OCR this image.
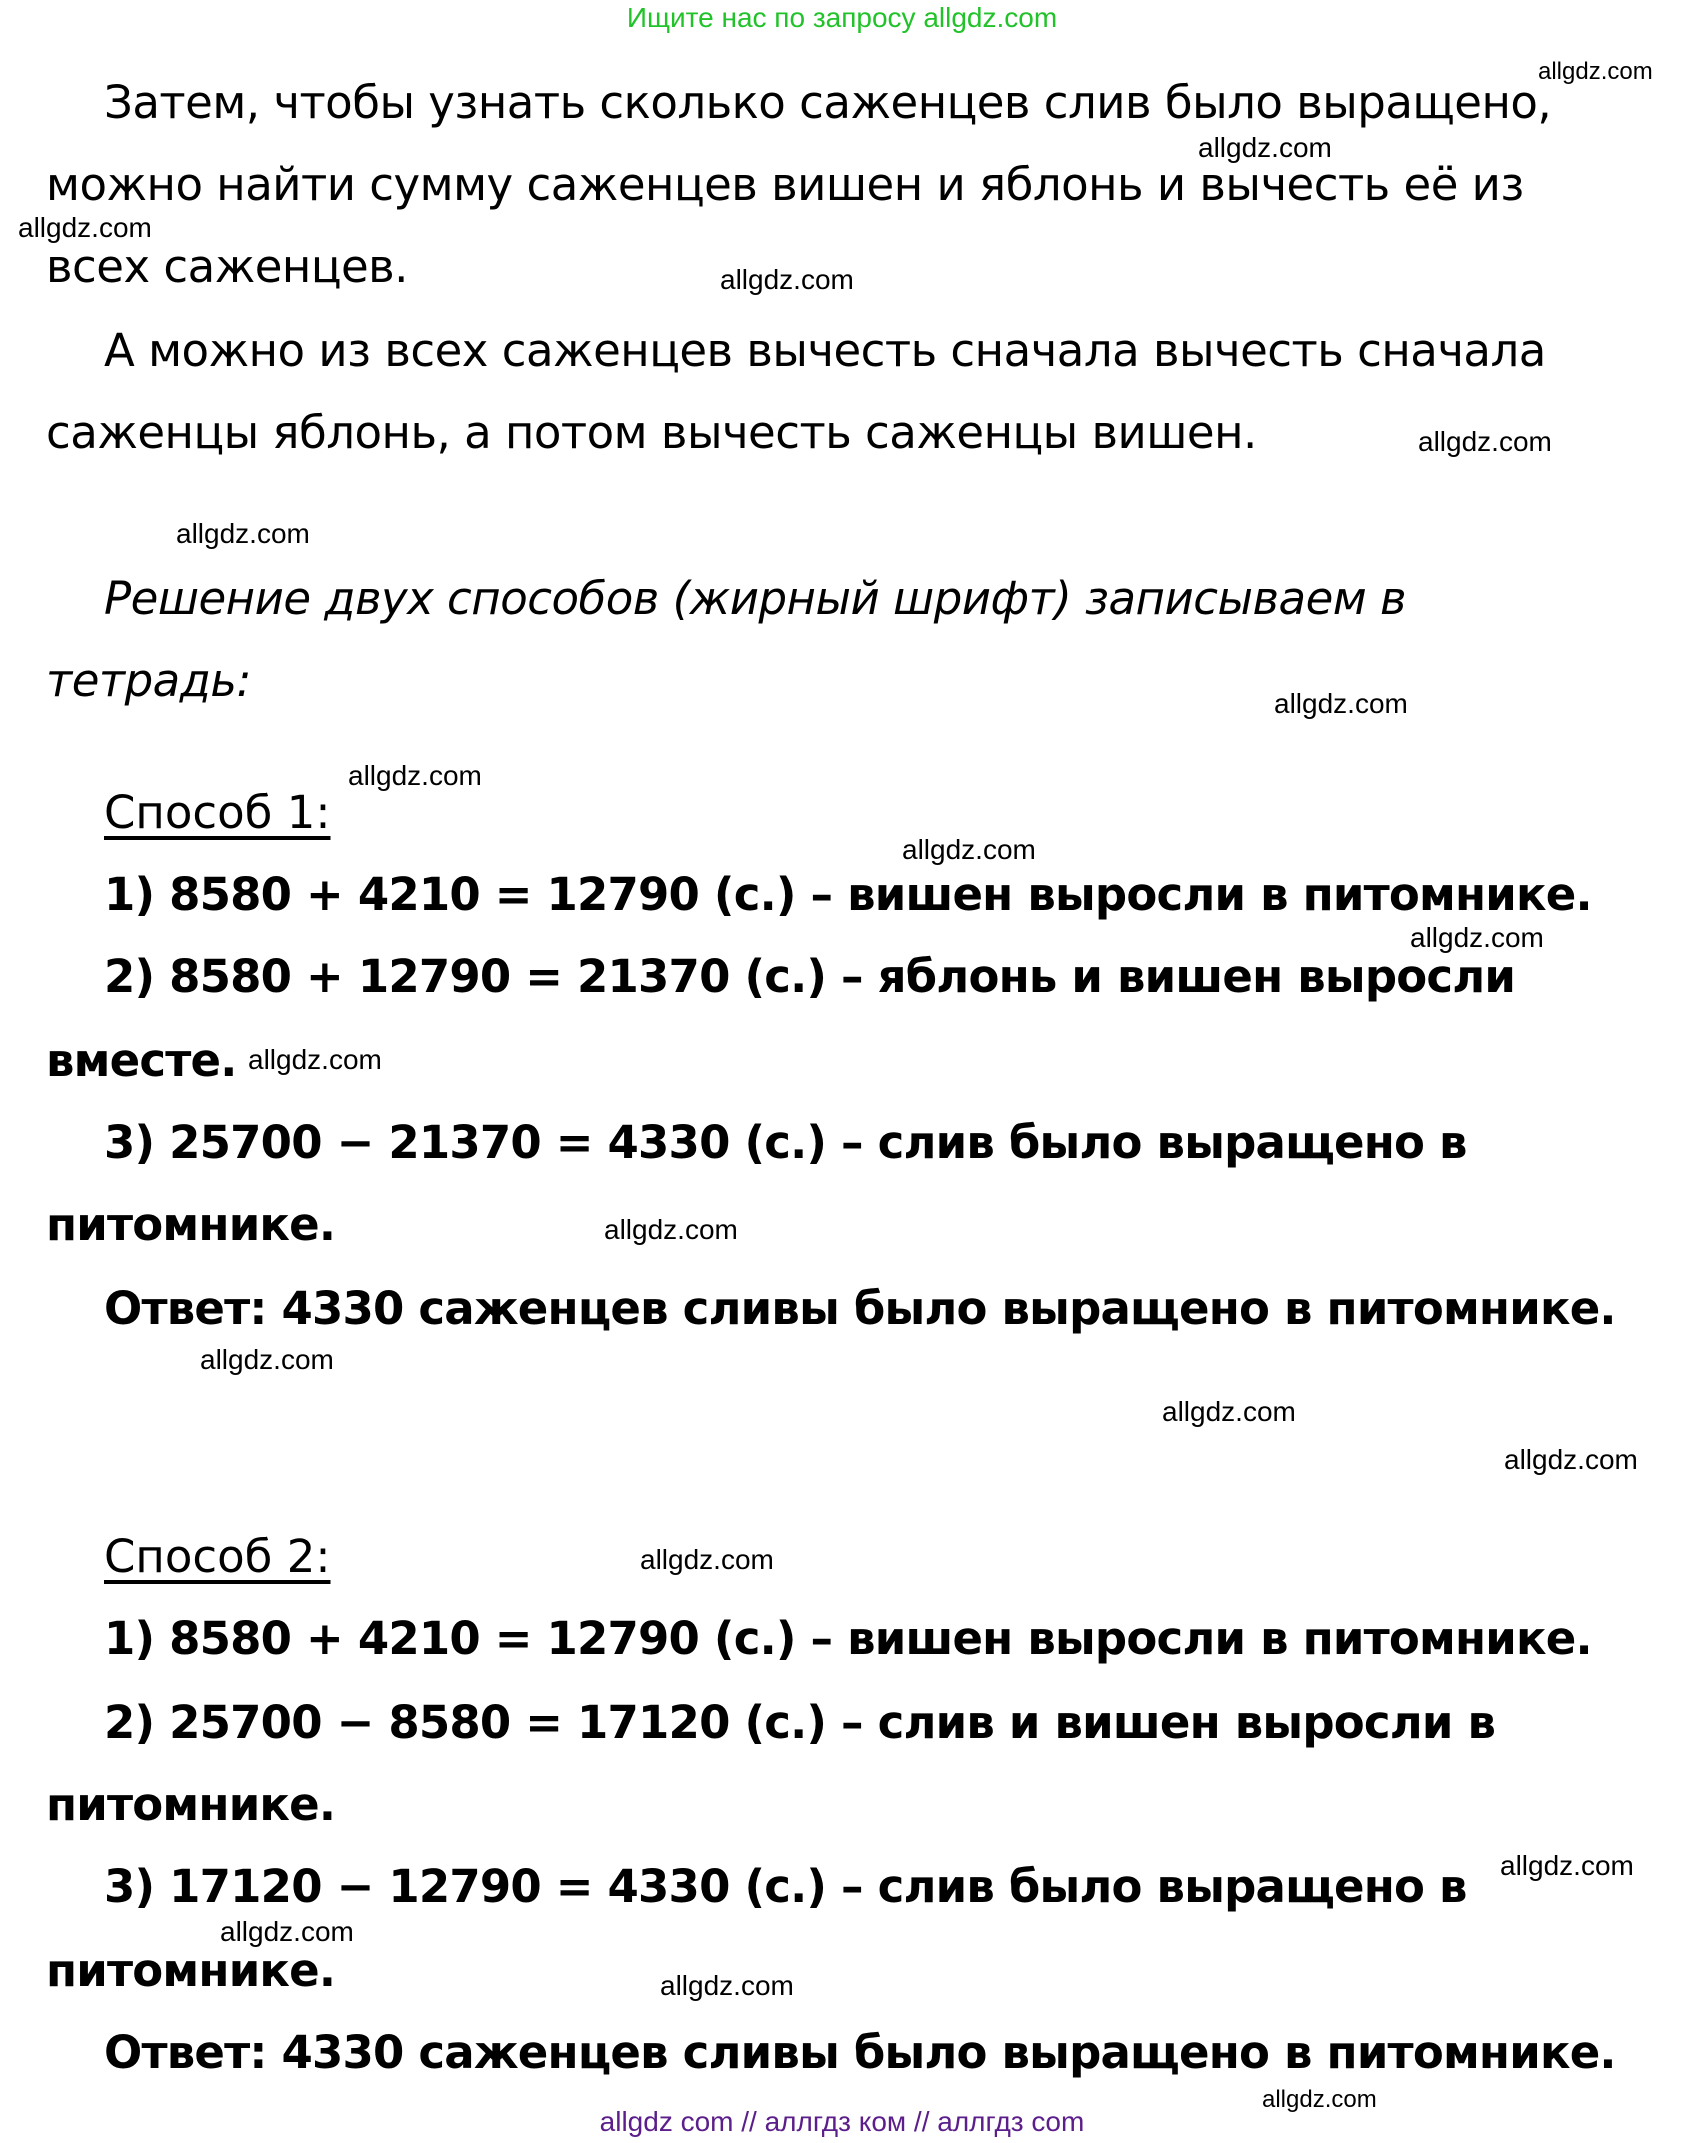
Ищите нас по запросу allgdz.com
Затем, чтобы узнать сколько саженцев слив было выращено,
можно найти сумму саженцев вишен и яблонь и вычесть её из
всех саженцев.
А можно из всех саженцев вычесть сначала вычесть сначала
саженцы яблонь, а потом вычесть саженцы вишен.
Решение двух способов (жирный шрифт) записываем в
тетрадь:
Способ 1:
1) 8580 + 4210 = 12790 (с.) – вишен выросли в питомнике.
2) 8580 + 12790 = 21370 (с.) – яблонь и вишен выросли
вместе.
3) 25700 − 21370 = 4330 (с.) – слив было выращено в
питомнике.
Ответ: 4330 саженцев сливы было выращено в питомнике.
Способ 2:
1) 8580 + 4210 = 12790 (с.) – вишен выросли в питомнике.
2) 25700 − 8580 = 17120 (с.) – слив и вишен выросли в
питомнике.
3) 17120 − 12790 = 4330 (с.) – слив было выращено в
питомнике.
Ответ: 4330 саженцев сливы было выращено в питомнике.
allgdz.com
allgdz.com
allgdz.com
allgdz.com
allgdz.com
allgdz.com
allgdz.com
allgdz.com
allgdz.com
allgdz.com
allgdz.com
allgdz.com
allgdz.com
allgdz.com
allgdz.com
allgdz.com
allgdz.com
allgdz.com
allgdz.com
allgdz.com
allgdz com // аллгдз ком // аллгдз com
